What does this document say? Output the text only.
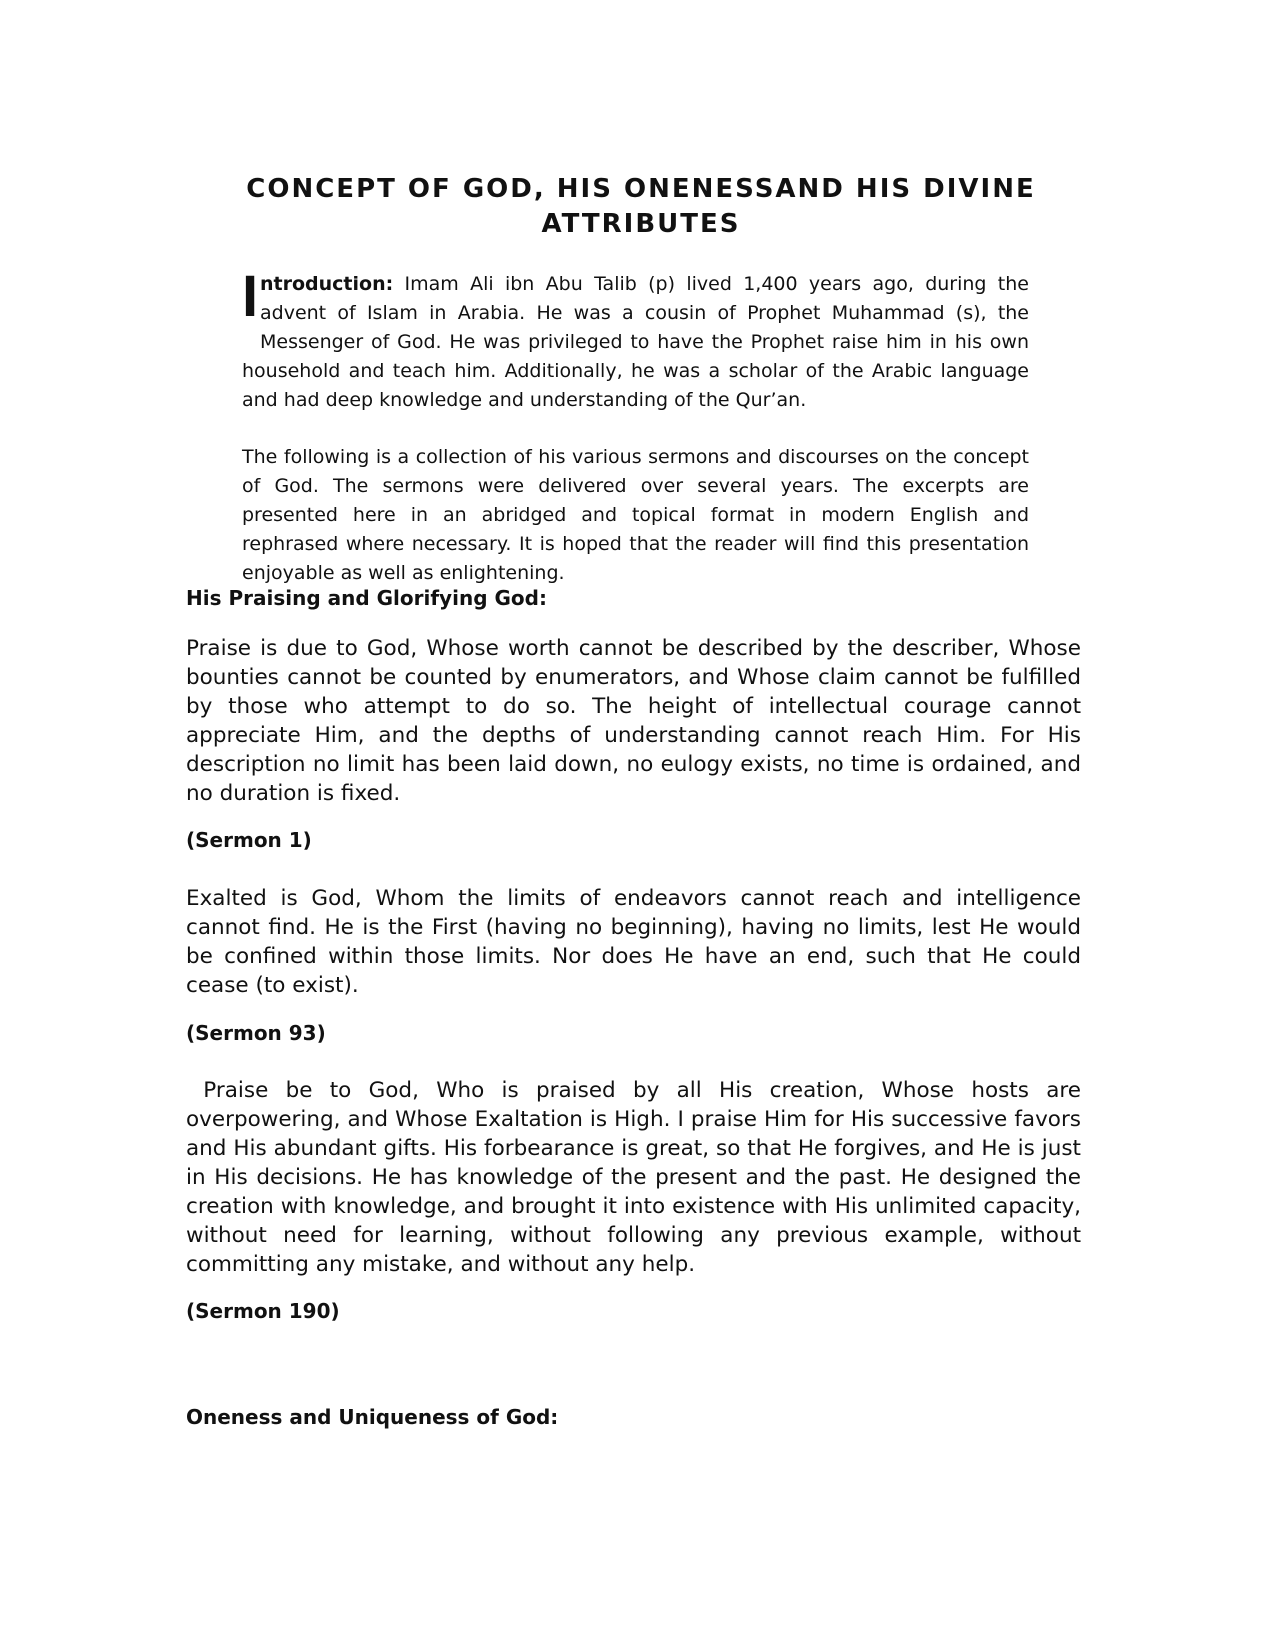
CONCEPT OF GOD, HIS ONENESSAND HIS DIVINE ATTRIBUTES

Introduction: Imam Ali ibn Abu Talib (p) lived 1,400 years ago, during the advent of Islam in Arabia. He was a cousin of Prophet Muhammad (s), the Messenger of God. He was privileged to have the Prophet raise him in his own household and teach him. Additionally, he was a scholar of the Arabic language and had deep knowledge and understanding of the Qur’an.

The following is a collection of his various sermons and discourses on the concept of God. The sermons were delivered over several years. The excerpts are presented here in an abridged and topical format in modern English and rephrased where necessary. It is hoped that the reader will find this presentation enjoyable as well as enlightening.

His Praising and Glorifying God:

Praise is due to God, Whose worth cannot be described by the describer, Whose bounties cannot be counted by enumerators, and Whose claim cannot be fulfilled by those who attempt to do so. The height of intellectual courage cannot appreciate Him, and the depths of understanding cannot reach Him. For His description no limit has been laid down, no eulogy exists, no time is ordained, and no duration is fixed.

(Sermon 1)

Exalted is God, Whom the limits of endeavors cannot reach and intelligence cannot find. He is the First (having no beginning), having no limits, lest He would be confined within those limits. Nor does He have an end, such that He could cease (to exist).

(Sermon 93)

Praise be to God, Who is praised by all His creation, Whose hosts are overpowering, and Whose Exaltation is High. I praise Him for His successive favors and His abundant gifts. His forbearance is great, so that He forgives, and He is just in His decisions. He has knowledge of the present and the past. He designed the creation with knowledge, and brought it into existence with His unlimited capacity, without need for learning, without following any previous example, without committing any mistake, and without any help.

(Sermon 190)

Oneness and Uniqueness of God:
